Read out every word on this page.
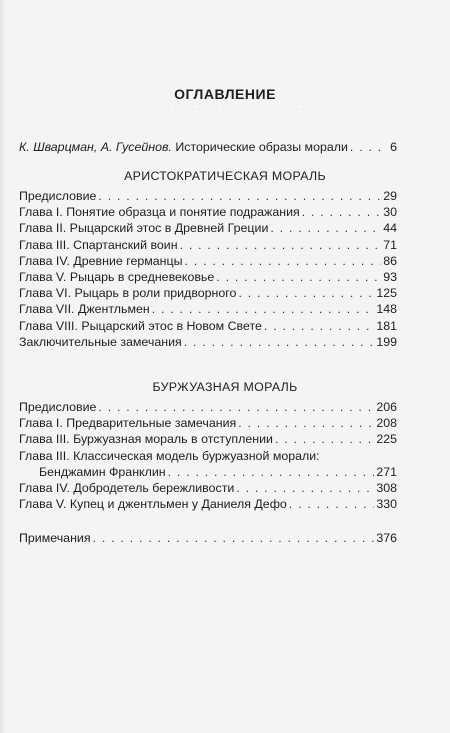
. . . . . . . . . . . . . . . . . . . . . . . . . . . . . . . . . . . . .
ОГЛАВЛЕНИЕ
К. Шварцман, А. Гусейнов. Исторические образы морали . . .	6
АРИСТОКРАТИЧЕСКАЯ МОРАЛЬ
Предисловие . . .	29
Глава I. Понятие образца и понятие подражания . . .	30
Глава II. Рыцарский этос в Древней Греции . . .	44
Глава III. Спартанский воин . . .	71
Глава IV. Древние германцы . . .	86
Глава V. Рыцарь в средневековье . . .	93
Глава VI. Рыцарь в роли придворного . . .	125
Глава VII. Джентльмен . . .	148
Глава VIII. Рыцарский этос в Новом Свете . . .	181
Заключительные замечания . . .	199
БУРЖУАЗНАЯ МОРАЛЬ
Предисловие . . .	206
Глава I. Предварительные замечания . . .	208
Глава III. Буржуазная мораль в отступлении . . .	225
Глава III. Классическая модель буржуазной морали:
Бенджамин Франклин . . .	271
Глава IV. Добродетель бережливости . . .	308
Глава V. Купец и джентльмен у Даниеля Дефо . . .	330
Примечания . . .	376
